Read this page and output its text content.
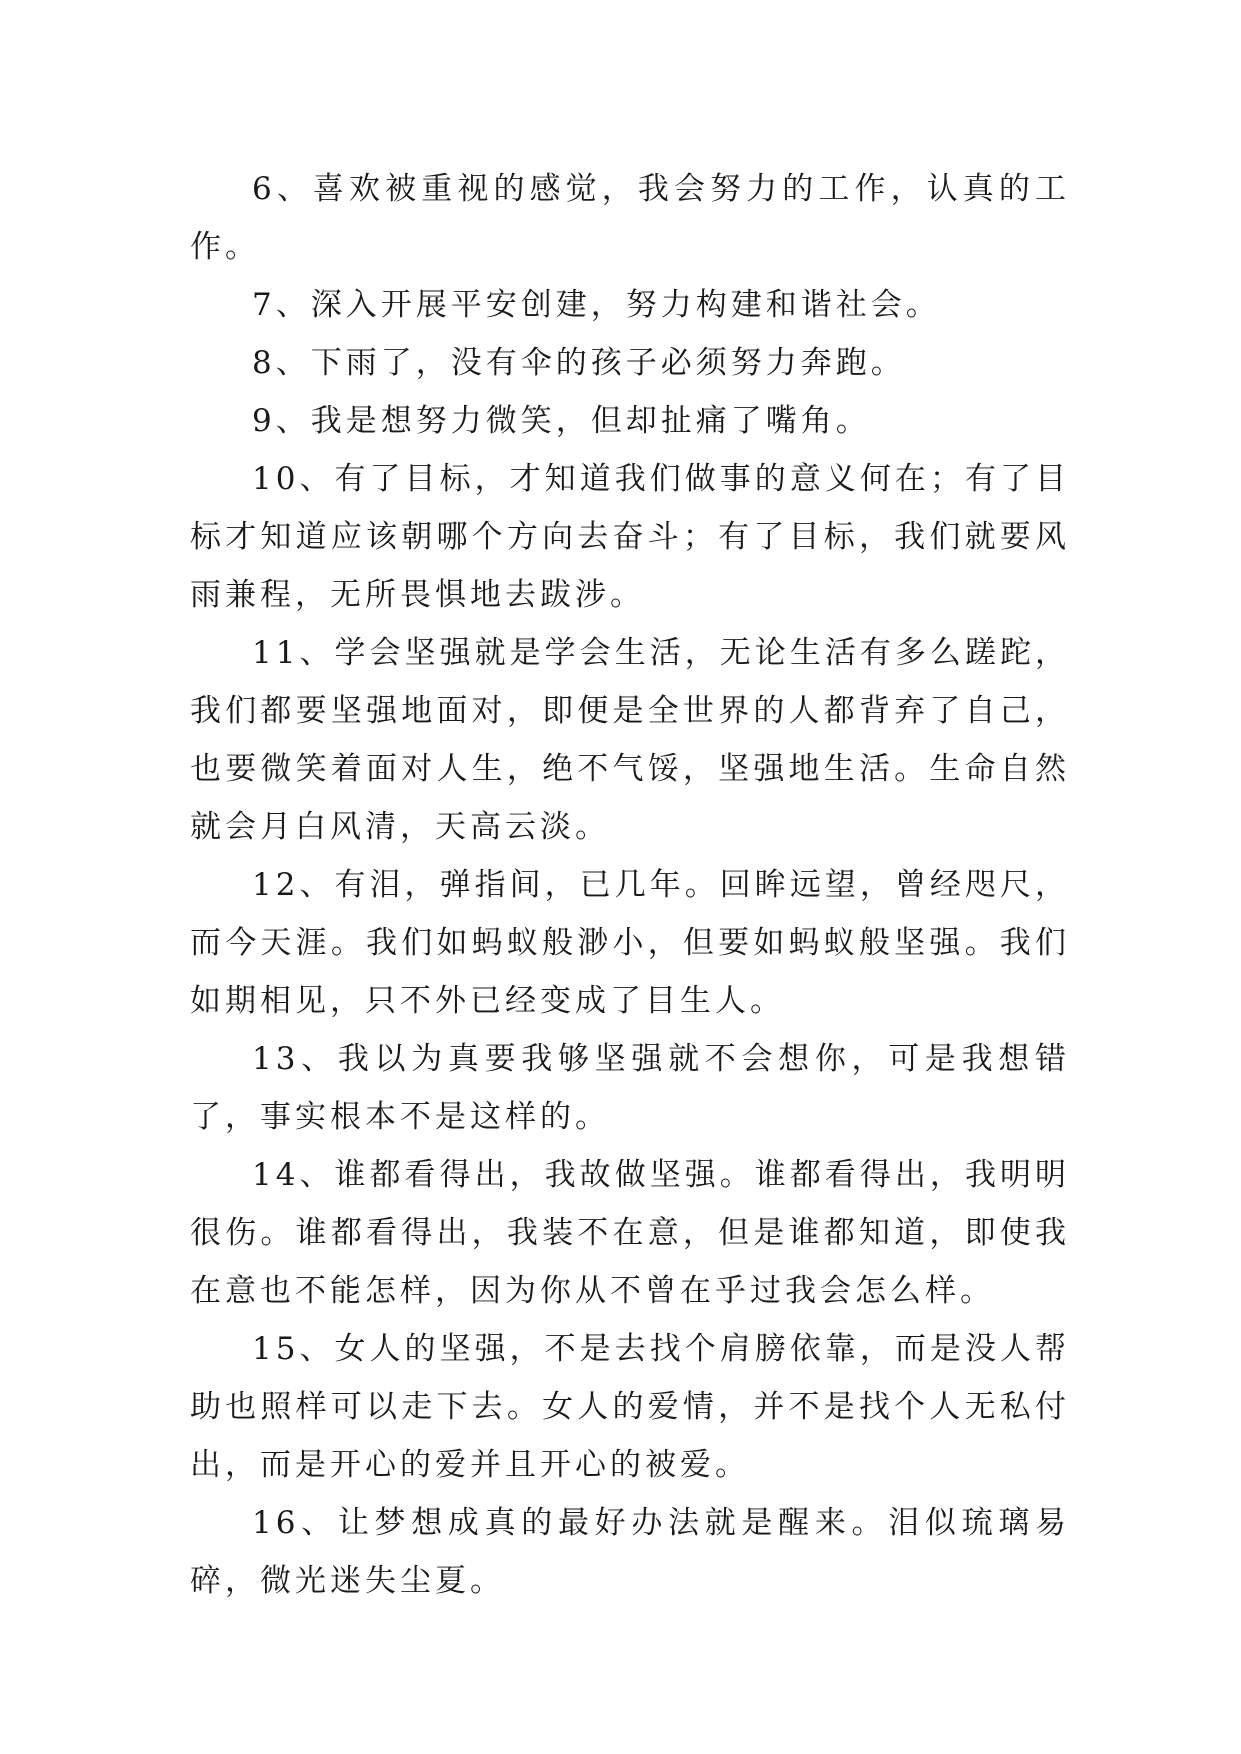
6、喜欢被重视的感觉，我会努力的工作，认真的工作。

7、深入开展平安创建，努力构建和谐社会。

8、下雨了，没有伞的孩子必须努力奔跑。

9、我是想努力微笑，但却扯痛了嘴角。

10、有了目标，才知道我们做事的意义何在；有了目标才知道应该朝哪个方向去奋斗；有了目标，我们就要风雨兼程，无所畏惧地去跋涉。

11、学会坚强就是学会生活，无论生活有多么蹉跎，我们都要坚强地面对，即便是全世界的人都背弃了自己，也要微笑着面对人生，绝不气馁，坚强地生活。生命自然就会月白风清，天高云淡。

12、有泪，弹指间，已几年。回眸远望，曾经咫尺，而今天涯。我们如蚂蚁般渺小，但要如蚂蚁般坚强。我们如期相见，只不外已经变成了目生人。

13、我以为真要我够坚强就不会想你，可是我想错了，事实根本不是这样的。

14、谁都看得出，我故做坚强。谁都看得出，我明明很伤。谁都看得出，我装不在意，但是谁都知道，即使我在意也不能怎样，因为你从不曾在乎过我会怎么样。

15、女人的坚强，不是去找个肩膀依靠，而是没人帮助也照样可以走下去。女人的爱情，并不是找个人无私付出，而是开心的爱并且开心的被爱。

16、让梦想成真的最好办法就是醒来。泪似琉璃易碎，微光迷失尘夏。
